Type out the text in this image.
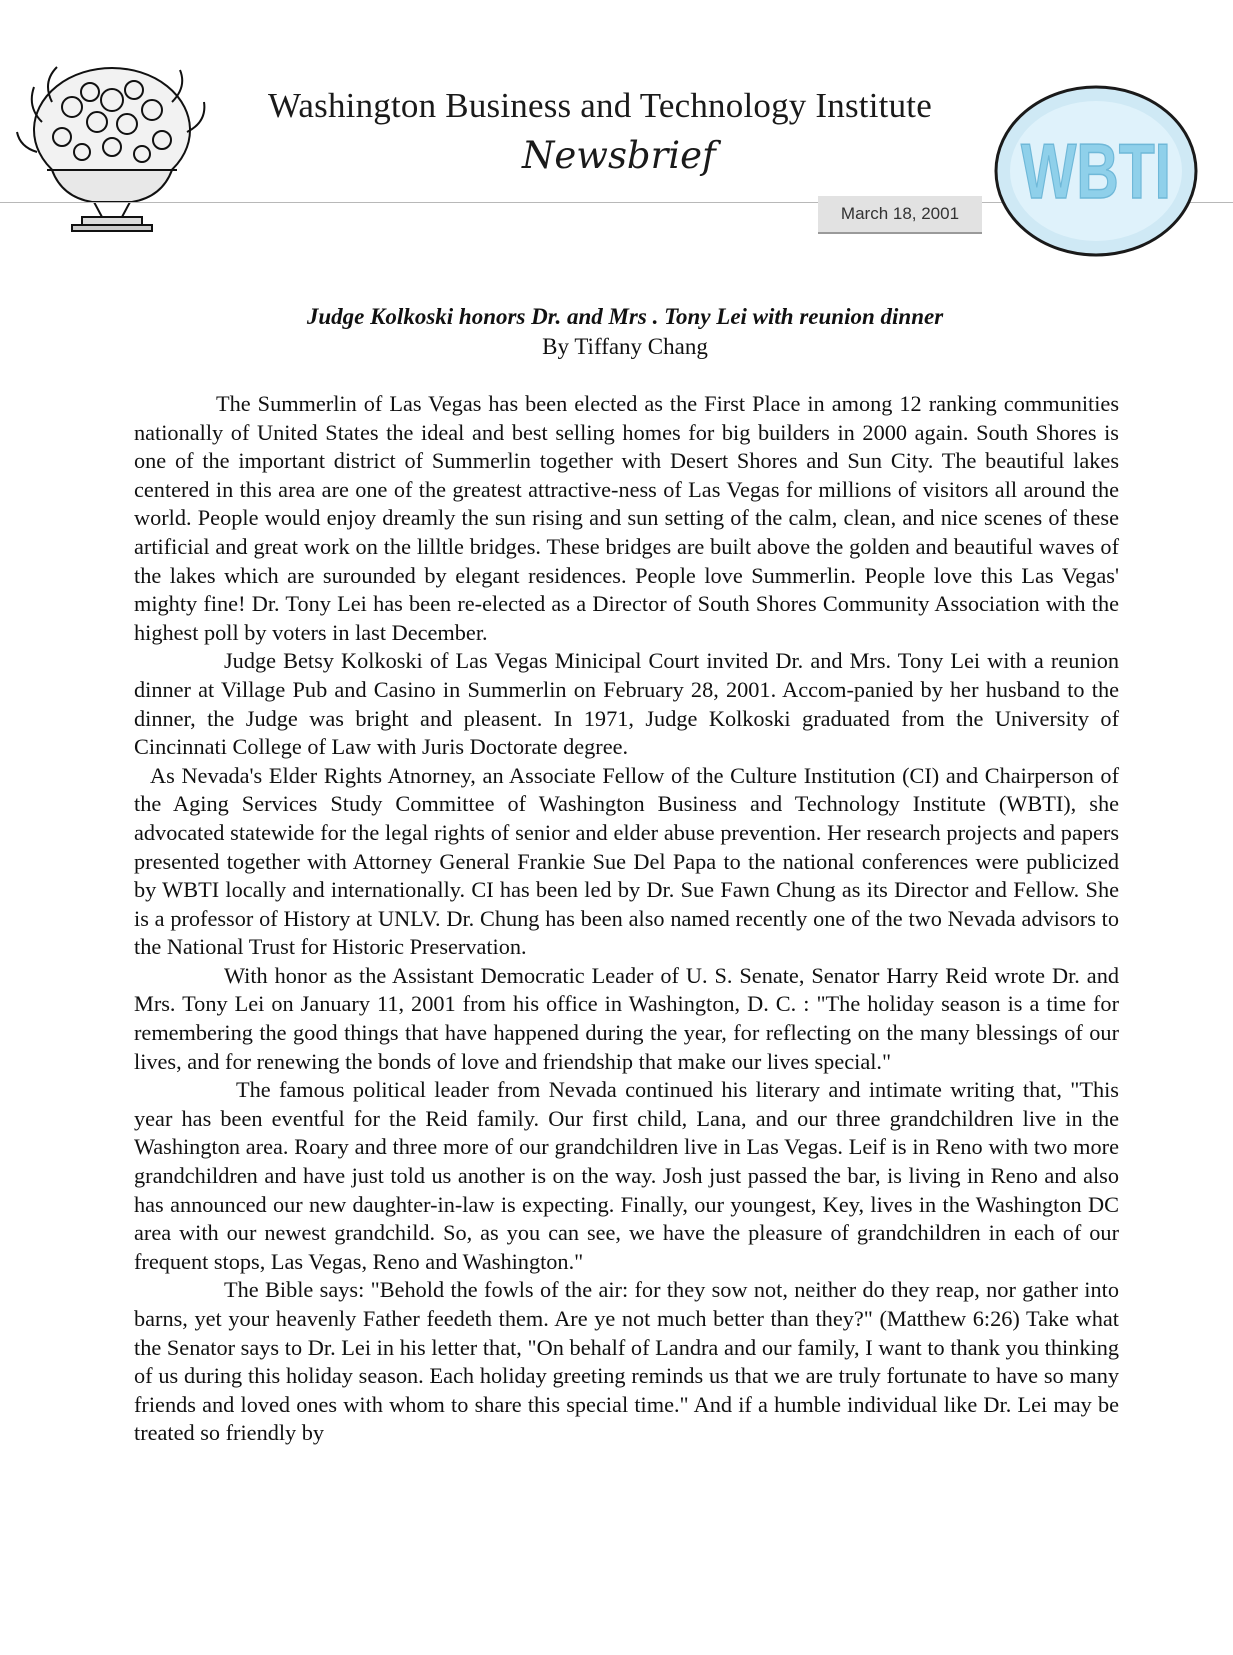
Washington Business and Technology Institute
Newsbrief
March 18, 2001 WBTI
Judge Kolkoski honors Dr. and Mrs . Tony Lei with reunion dinner
By Tiffany Chang

The Summerlin of Las Vegas has been elected as the First Place in among 12 ranking communities nationally of United States the ideal and best selling homes for big builders in 2000 again. South Shores is one of the important district of Summerlin together with Desert Shores and Sun City. The beautiful lakes centered in this area are one of the greatest attractive-ness of Las Vegas for millions of visitors all around the world. People would enjoy dreamly the sun rising and sun setting of the calm, clean, and nice scenes of these artificial and great work on the lilltle bridges. These bridges are built above the golden and beautiful waves of the lakes which are surounded by elegant residences. People love Summerlin. People love this Las Vegas' mighty fine! Dr. Tony Lei has been re-elected as a Director of South Shores Community Association with the highest poll by voters in last December.

Judge Betsy Kolkoski of Las Vegas Minicipal Court invited Dr. and Mrs. Tony Lei with a reunion dinner at Village Pub and Casino in Summerlin on February 28, 2001. Accom-panied by her husband to the dinner, the Judge was bright and pleasent. In 1971, Judge Kolkoski graduated from the University of Cincinnati College of Law with Juris Doctorate degree.

As Nevada's Elder Rights Atnorney, an Associate Fellow of the Culture Institution (CI) and Chairperson of the Aging Services Study Committee of Washington Business and Technology Institute (WBTI), she advocated statewide for the legal rights of senior and elder abuse prevention. Her research projects and papers presented together with Attorney General Frankie Sue Del Papa to the national conferences were publicized by WBTI locally and internationally. CI has been led by Dr. Sue Fawn Chung as its Director and Fellow. She is a professor of History at UNLV. Dr. Chung has been also named recently one of the two Nevada advisors to the National Trust for Historic Preservation.

With honor as the Assistant Democratic Leader of U. S. Senate, Senator Harry Reid wrote Dr. and Mrs. Tony Lei on January 11, 2001 from his office in Washington, D. C. : "The holiday season is a time for remembering the good things that have happened during the year, for reflecting on the many blessings of our lives, and for renewing the bonds of love and friendship that make our lives special."

The famous political leader from Nevada continued his literary and intimate writing that, "This year has been eventful for the Reid family. Our first child, Lana, and our three grandchildren live in the Washington area. Roary and three more of our grandchildren live in Las Vegas. Leif is in Reno with two more grandchildren and have just told us another is on the way. Josh just passed the bar, is living in Reno and also has announced our new daughter-in-law is expecting. Finally, our youngest, Key, lives in the Washington DC area with our newest grandchild. So, as you can see, we have the pleasure of grandchildren in each of our frequent stops, Las Vegas, Reno and Washington."

The Bible says: "Behold the fowls of the air: for they sow not, neither do they reap, nor gather into barns, yet your heavenly Father feedeth them. Are ye not much better than they?" (Matthew 6:26) Take what the Senator says to Dr. Lei in his letter that, "On behalf of Landra and our family, I want to thank you thinking of us during this holiday season. Each holiday greeting reminds us that we are truly fortunate to have so many friends and loved ones with whom to share this special time." And if a humble individual like Dr. Lei may be treated so friendly by
